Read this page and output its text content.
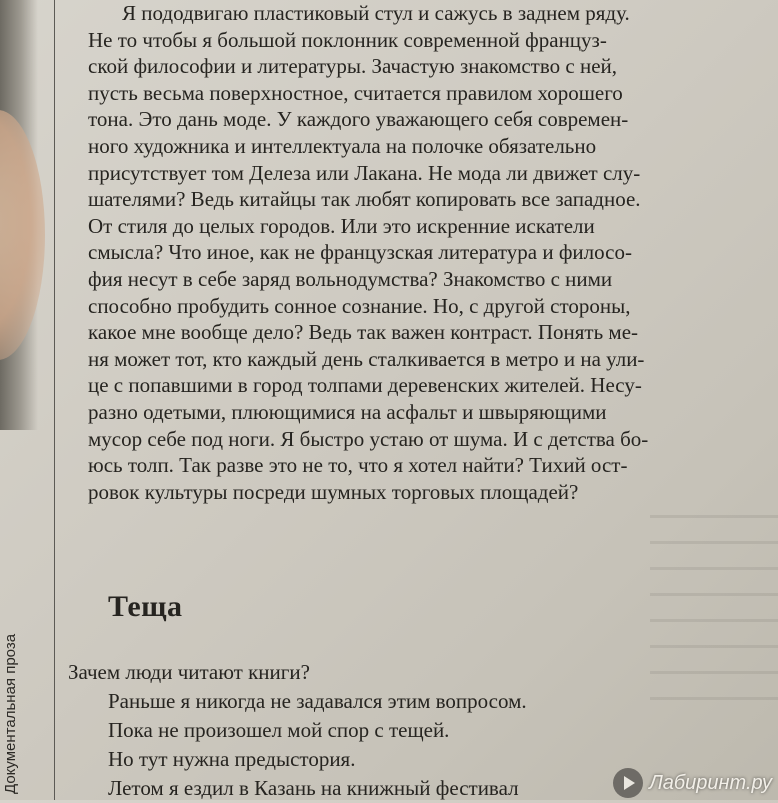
Документальная проза
Я пододвигаю пластиковый стул и сажусь в заднем ряду.
Не то чтобы я большой поклонник современной француз-
ской философии и литературы. Зачастую знакомство с ней,
пусть весьма поверхностное, считается правилом хорошего
тона. Это дань моде. У каждого уважающего себя современ-
ного художника и интеллектуала на полочке обязательно
присутствует том Делеза или Лакана. Не мода ли движет слу-
шателями? Ведь китайцы так любят копировать все западное.
От стиля до целых городов. Или это искренние искатели
смысла? Что иное, как не французская литература и филосо-
фия несут в себе заряд вольнодумства? Знакомство с ними
способно пробудить сонное сознание. Но, с другой стороны,
какое мне вообще дело? Ведь так важен контраст. Понять ме-
ня может тот, кто каждый день сталкивается в метро и на ули-
це с попавшими в город толпами деревенских жителей. Несу-
разно одетыми, плюющимися на асфальт и швыряющими
мусор себе под ноги. Я быстро устаю от шума. И с детства бо-
юсь толп. Так разве это не то, что я хотел найти? Тихий ост-
ровок культуры посреди шумных торговых площадей?
Теща
Зачем люди читают книги?
Раньше я никогда не задавался этим вопросом.
Пока не произошел мой спор с тещей.
Но тут нужна предыстория.
Летом я ездил в Казань на книжный фестивал	Лабиринт.ру
